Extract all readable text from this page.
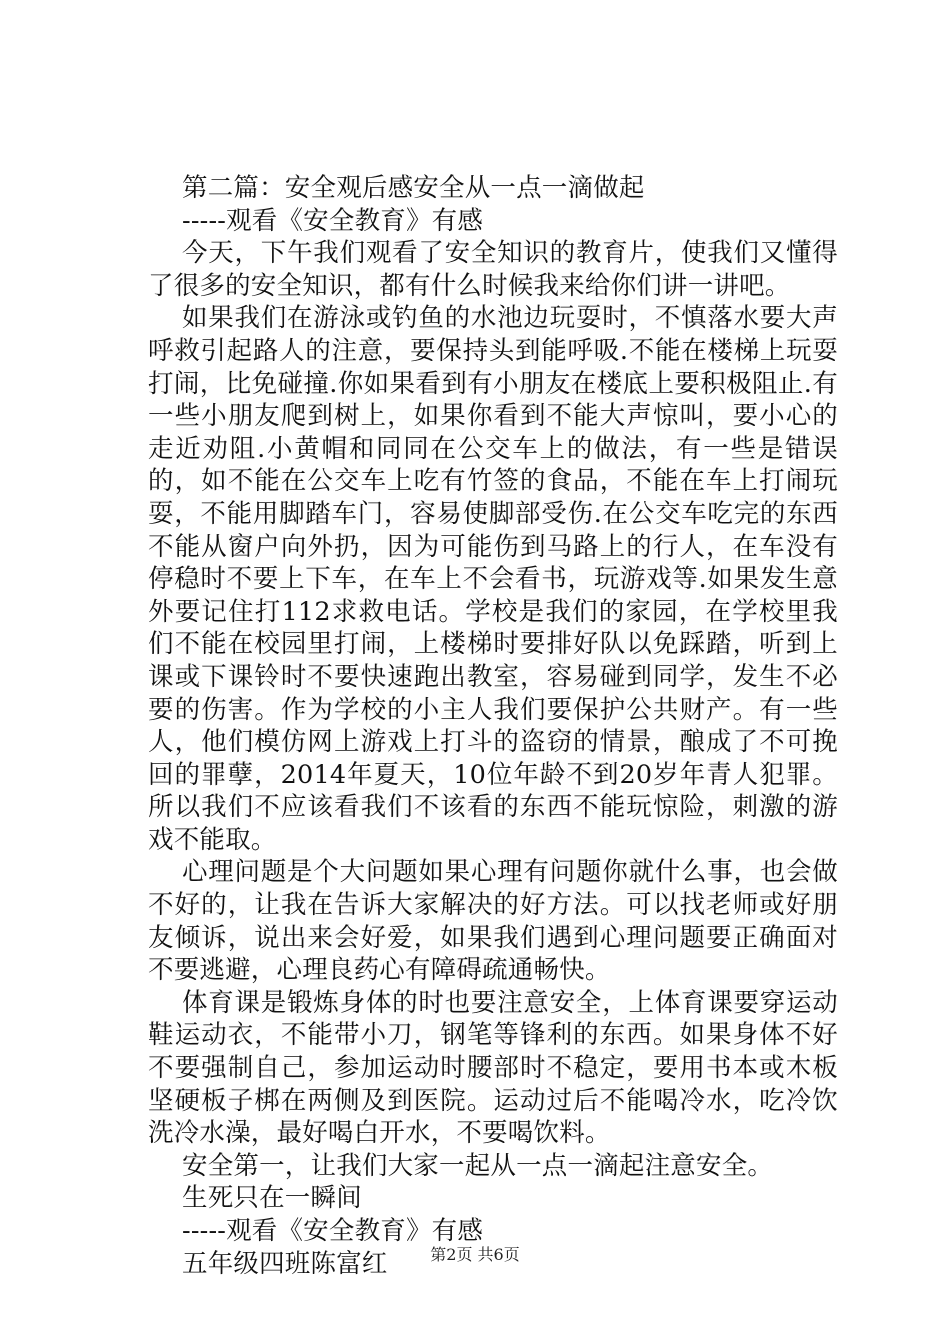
第二篇：安全观后感安全从一点一滴做起
-----观看《安全教育》有感
今天，下午我们观看了安全知识的教育片，使我们又懂得了很多的安全知识，都有什么时候我来给你们讲一讲吧。
如果我们在游泳或钓鱼的水池边玩耍时，不慎落水要大声呼救引起路人的注意，要保持头到能呼吸.不能在楼梯上玩耍打闹，比免碰撞.你如果看到有小朋友在楼底上要积极阻止.有一些小朋友爬到树上，如果你看到不能大声惊叫，要小心的走近劝阻.小黄帽和同同在公交车上的做法，有一些是错误的，如不能在公交车上吃有竹签的食品，不能在车上打闹玩耍，不能用脚踏车门，容易使脚部受伤.在公交车吃完的东西不能从窗户向外扔，因为可能伤到马路上的行人，在车没有停稳时不要上下车，在车上不会看书，玩游戏等.如果发生意外要记住打112求救电话。学校是我们的家园，在学校里我们不能在校园里打闹，上楼梯时要排好队以免踩踏，听到上课或下课铃时不要快速跑出教室，容易碰到同学，发生不必要的伤害。作为学校的小主人我们要保护公共财产。有一些人，他们模仿网上游戏上打斗的盗窃的情景，酿成了不可挽回的罪孽，2014年夏天，10位年龄不到20岁年青人犯罪。所以我们不应该看我们不该看的东西不能玩惊险，刺激的游戏不能取。
心理问题是个大问题如果心理有问题你就什么事，也会做不好的，让我在告诉大家解决的好方法。可以找老师或好朋友倾诉，说出来会好爱，如果我们遇到心理问题要正确面对不要逃避，心理良药心有障碍疏通畅快。
体育课是锻炼身体的时也要注意安全，上体育课要穿运动鞋运动衣，不能带小刀，钢笔等锋利的东西。如果身体不好不要强制自己，参加运动时腰部时不稳定，要用书本或木板坚硬板子梆在两侧及到医院。运动过后不能喝冷水，吃冷饮洗冷水澡，最好喝白开水，不要喝饮料。
安全第一，让我们大家一起从一点一滴起注意安全。
生死只在一瞬间
-----观看《安全教育》有感
五年级四班陈富红	第2页 共6页
